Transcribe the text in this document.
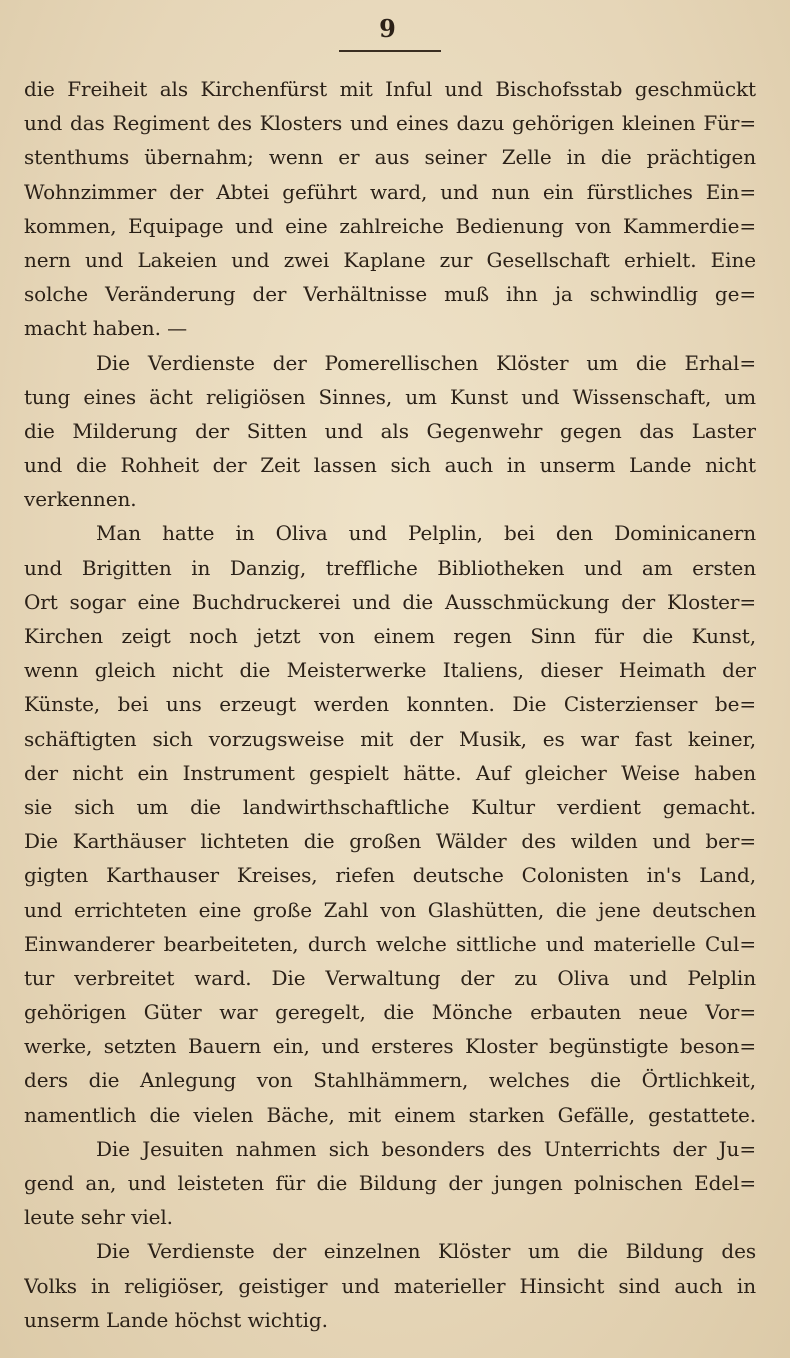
9
die Freiheit als Kirchenfürst mit Inful und Bischofsstab geschmückt
und das Regiment des Klosters und eines dazu gehörigen kleinen Für=
stenthums übernahm; wenn er aus seiner Zelle in die prächtigen
Wohnzimmer der Abtei geführt ward, und nun ein fürstliches Ein=
kommen, Equipage und eine zahlreiche Bedienung von Kammerdie=
nern und Lakeien und zwei Kaplane zur Gesellschaft erhielt. Eine
solche Veränderung der Verhältnisse muß ihn ja schwindlig ge=
macht haben. —
Die Verdienste der Pomerellischen Klöster um die Erhal=
tung eines ächt religiösen Sinnes, um Kunst und Wissenschaft, um
die Milderung der Sitten und als Gegenwehr gegen das Laster
und die Rohheit der Zeit lassen sich auch in unserm Lande nicht
verkennen.
Man hatte in Oliva und Pelplin, bei den Dominicanern
und Brigitten in Danzig, treffliche Bibliotheken und am ersten
Ort sogar eine Buchdruckerei und die Ausschmückung der Kloster=
Kirchen zeigt noch jetzt von einem regen Sinn für die Kunst,
wenn gleich nicht die Meisterwerke Italiens, dieser Heimath der
Künste, bei uns erzeugt werden konnten. Die Cisterzienser be=
schäftigten sich vorzugsweise mit der Musik, es war fast keiner,
der nicht ein Instrument gespielt hätte. Auf gleicher Weise haben
sie sich um die landwirthschaftliche Kultur verdient gemacht.
Die Karthäuser lichteten die großen Wälder des wilden und ber=
gigten Karthauser Kreises, riefen deutsche Colonisten in's Land,
und errichteten eine große Zahl von Glashütten, die jene deutschen
Einwanderer bearbeiteten, durch welche sittliche und materielle Cul=
tur verbreitet ward. Die Verwaltung der zu Oliva und Pelplin
gehörigen Güter war geregelt, die Mönche erbauten neue Vor=
werke, setzten Bauern ein, und ersteres Kloster begünstigte beson=
ders die Anlegung von Stahlhämmern, welches die Örtlichkeit,
namentlich die vielen Bäche, mit einem starken Gefälle, gestattete.
Die Jesuiten nahmen sich besonders des Unterrichts der Ju=
gend an, und leisteten für die Bildung der jungen polnischen Edel=
leute sehr viel.
Die Verdienste der einzelnen Klöster um die Bildung des
Volks in religiöser, geistiger und materieller Hinsicht sind auch in
unserm Lande höchst wichtig.
